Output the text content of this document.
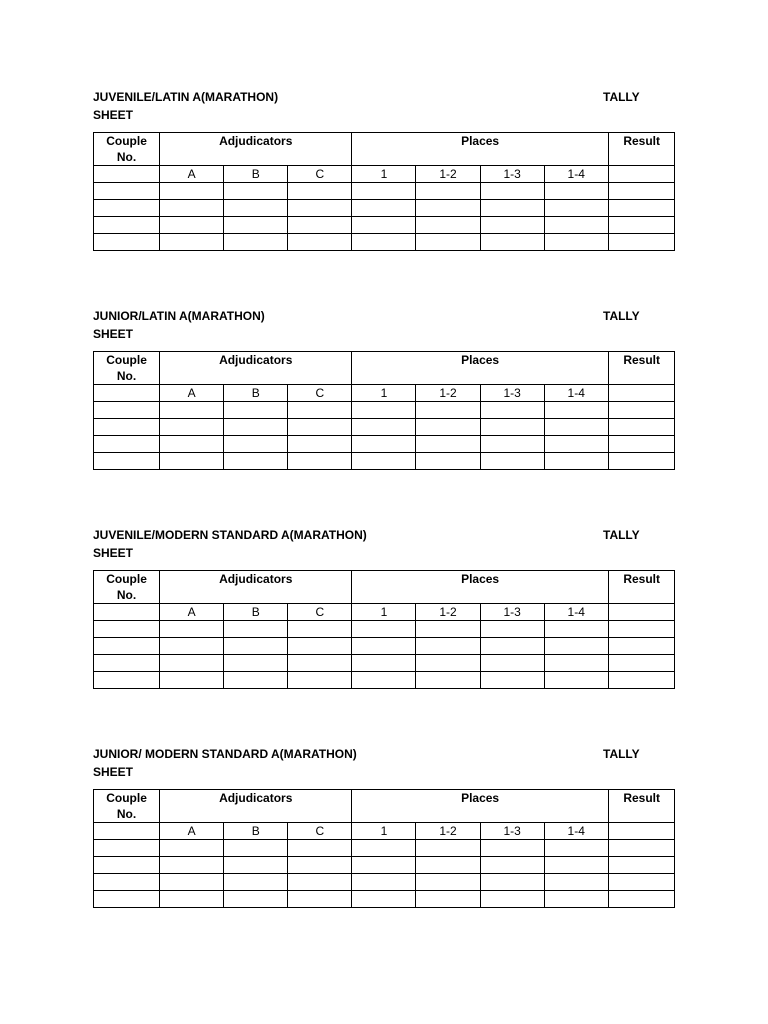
JUVENILE/LATIN A(MARATHON)	TALLY
SHEET
Couple
No.	Adjudicators			Places				Result
	A	B	C	1	1-2	1-3	1-4	

JUNIOR/LATIN A(MARATHON)	TALLY
SHEET
Couple
No.	Adjudicators			Places				Result
	A	B	C	1	1-2	1-3	1-4	

JUVENILE/MODERN STANDARD A(MARATHON)	TALLY
SHEET
Couple
No.	Adjudicators			Places				Result
	A	B	C	1	1-2	1-3	1-4	

JUNIOR/ MODERN STANDARD A(MARATHON)	TALLY
SHEET
Couple
No.	Adjudicators			Places				Result
	A	B	C	1	1-2	1-3	1-4	
